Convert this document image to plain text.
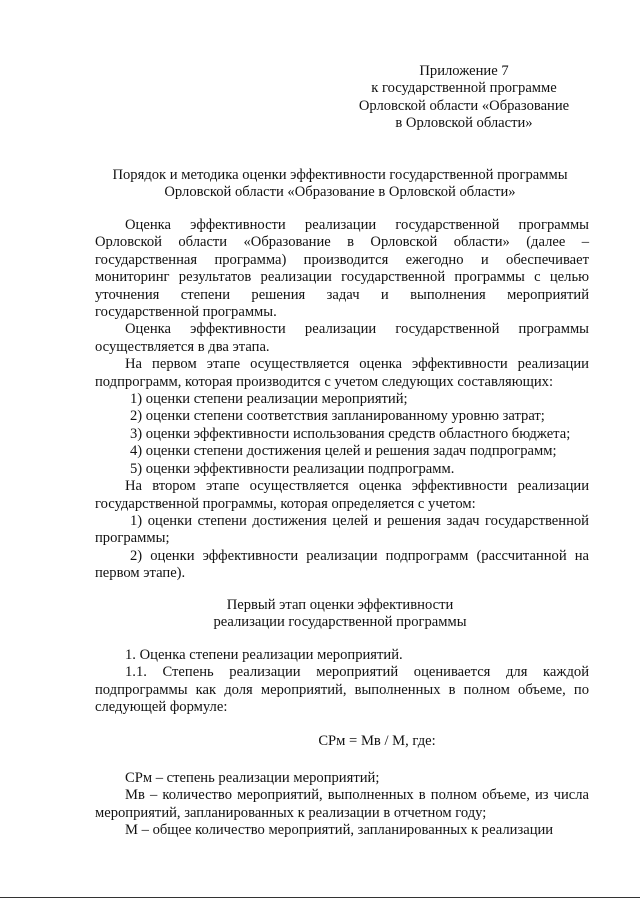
Приложение 7
к государственной программе
Орловской области «Образование
в Орловской области»
Порядок и методика оценки эффективности государственной программы
Орловской области «Образование в Орловской области»

Оценка эффективности реализации государственной программы Орловской области «Образование в Орловской области» (далее – государственная программа) производится ежегодно и обеспечивает мониторинг результатов реализации государственной программы с целью уточнения степени решения задач и выполнения мероприятий государственной программы.

Оценка эффективности реализации государственной программы осуществляется в два этапа.

На первом этапе осуществляется оценка эффективности реализации подпрограмм, которая производится с учетом следующих составляющих:

1) оценки степени реализации мероприятий;

2) оценки степени соответствия запланированному уровню затрат;

3) оценки эффективности использования средств областного бюджета;

4) оценки степени достижения целей и решения задач подпрограмм;

5) оценки эффективности реализации подпрограмм.

На втором этапе осуществляется оценка эффективности реализации государственной программы, которая определяется с учетом:

1) оценки степени достижения целей и решения задач государственной программы;

2) оценки эффективности реализации подпрограмм (рассчитанной на первом этапе).

Первый этап оценки эффективности
реализации государственной программы

1. Оценка степени реализации мероприятий.

1.1. Степень реализации мероприятий оценивается для каждой подпрограммы как доля мероприятий, выполненных в полном объеме, по следующей формуле:

СРм = Мв / М, где:

СРм – степень реализации мероприятий;

Мв – количество мероприятий, выполненных в полном объеме, из числа мероприятий, запланированных к реализации в отчетном году;

М – общее количество мероприятий, запланированных к реализации
